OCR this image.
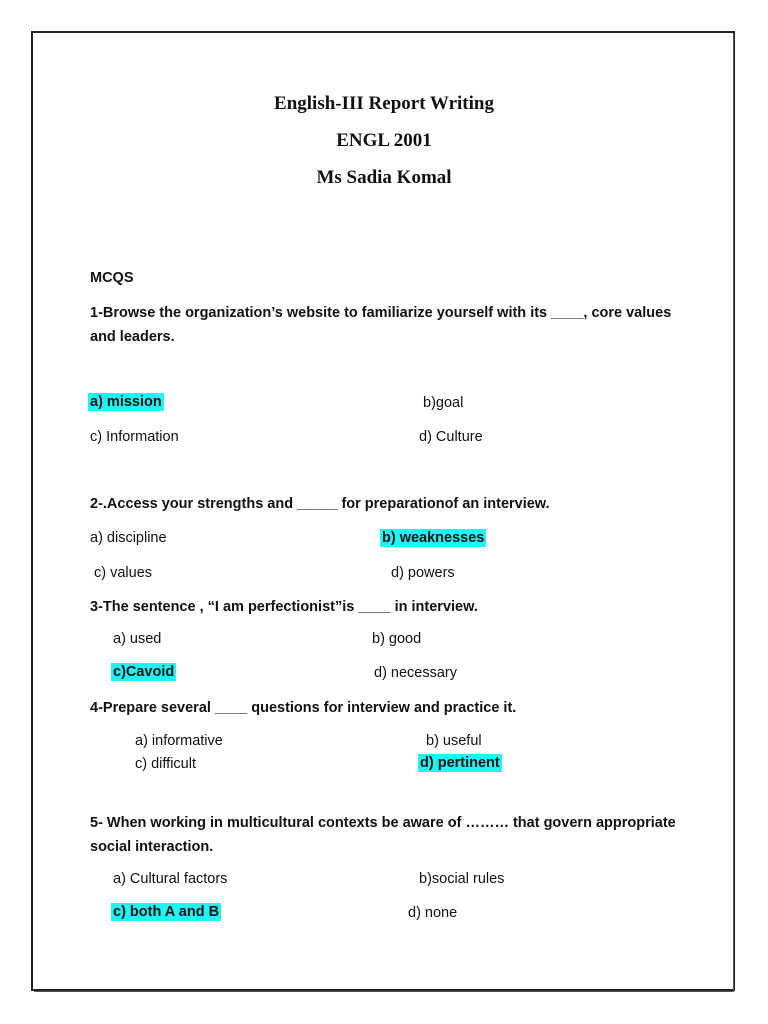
English-III Report Writing
ENGL 2001
Ms Sadia Komal
MCQS
1-Browse the organization’s website to familiarize yourself with its ____, core values and leaders.
a) mission	b)goal
c) Information	d) Culture
2-.Access your strengths and _____ for preparationof an interview.
a) discipline	b) weaknesses
c) values	d) powers
3-The sentence , “I am perfectionist”is ____ in interview.
a) used	b) good
c)Cavoid	d) necessary
4-Prepare several ____ questions for interview and practice it.
a) informative	b) useful
c) difficult	d) pertinent
5- When working in multicultural contexts be aware of ……… that govern appropriate social interaction.
a) Cultural factors	b)social rules
c) both A and B	d) none
